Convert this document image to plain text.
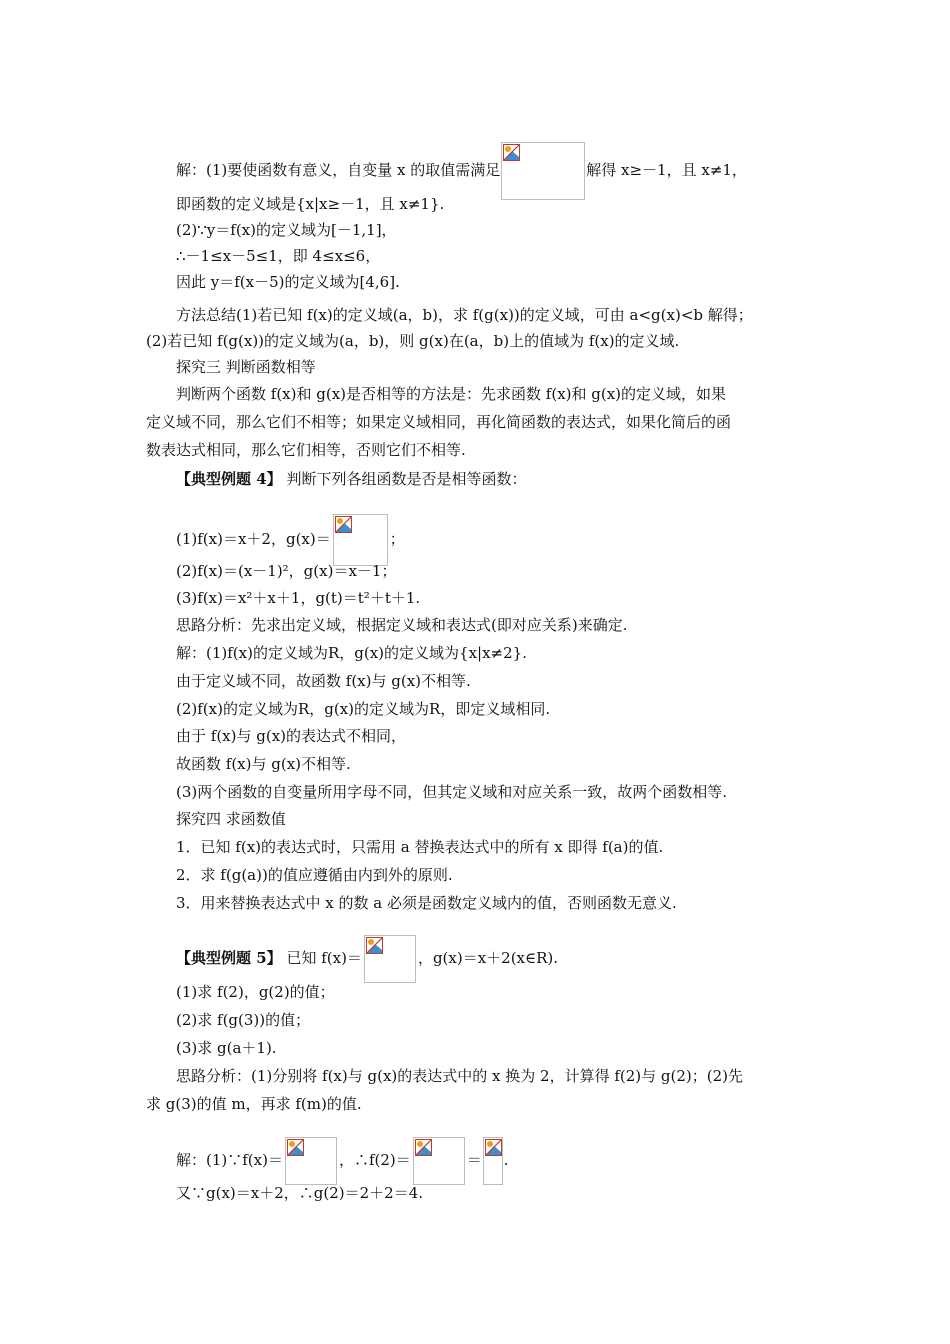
解：(1)要使函数有意义，自变量 x 的取值需满足	解得 x≥－1，且 x≠1，
即函数的定义域是{x|x≥－1，且 x≠1}.
(2)∵y＝f(x)的定义域为[－1,1]，
∴－1≤x－5≤1，即 4≤x≤6，
因此 y＝f(x－5)的定义域为[4,6].
方法总结(1)若已知 f(x)的定义域(a，b)，求 f(g(x))的定义域，可由 a<g(x)<b 解得；
(2)若已知 f(g(x))的定义域为(a，b)，则 g(x)在(a，b)上的值域为 f(x)的定义域.
探究三 判断函数相等
判断两个函数 f(x)和 g(x)是否相等的方法是：先求函数 f(x)和 g(x)的定义域，如果
定义域不同，那么它们不相等；如果定义域相同，再化简函数的表达式，如果化简后的函
数表达式相同，那么它们相等，否则它们不相等.
【典型例题 4】 判断下列各组函数是否是相等函数：
(1)f(x)＝x＋2，g(x)＝	；
(2)f(x)＝(x－1)²，g(x)＝x－1；
(3)f(x)＝x²＋x＋1，g(t)＝t²＋t＋1.
思路分析：先求出定义域，根据定义域和表达式(即对应关系)来确定.
解：(1)f(x)的定义域为R，g(x)的定义域为{x|x≠2}.
由于定义域不同，故函数 f(x)与 g(x)不相等.
(2)f(x)的定义域为R，g(x)的定义域为R，即定义域相同.
由于 f(x)与 g(x)的表达式不相同，
故函数 f(x)与 g(x)不相等.
(3)两个函数的自变量所用字母不同，但其定义域和对应关系一致，故两个函数相等.
探究四 求函数值
1．已知 f(x)的表达式时，只需用 a 替换表达式中的所有 x 即得 f(a)的值.
2．求 f(g(a))的值应遵循由内到外的原则.
3．用来替换表达式中 x 的数 a 必须是函数定义域内的值，否则函数无意义.
【典型例题 5】 已知 f(x)＝	，g(x)＝x＋2(x∈R).
(1)求 f(2)，g(2)的值；
(2)求 f(g(3))的值；
(3)求 g(a＋1).
思路分析：(1)分别将 f(x)与 g(x)的表达式中的 x 换为 2，计算得 f(2)与 g(2)；(2)先
求 g(3)的值 m，再求 f(m)的值.
解：(1)∵f(x)＝	，∴f(2)＝	＝ .
又∵g(x)＝x＋2，∴g(2)＝2＋2＝4.
